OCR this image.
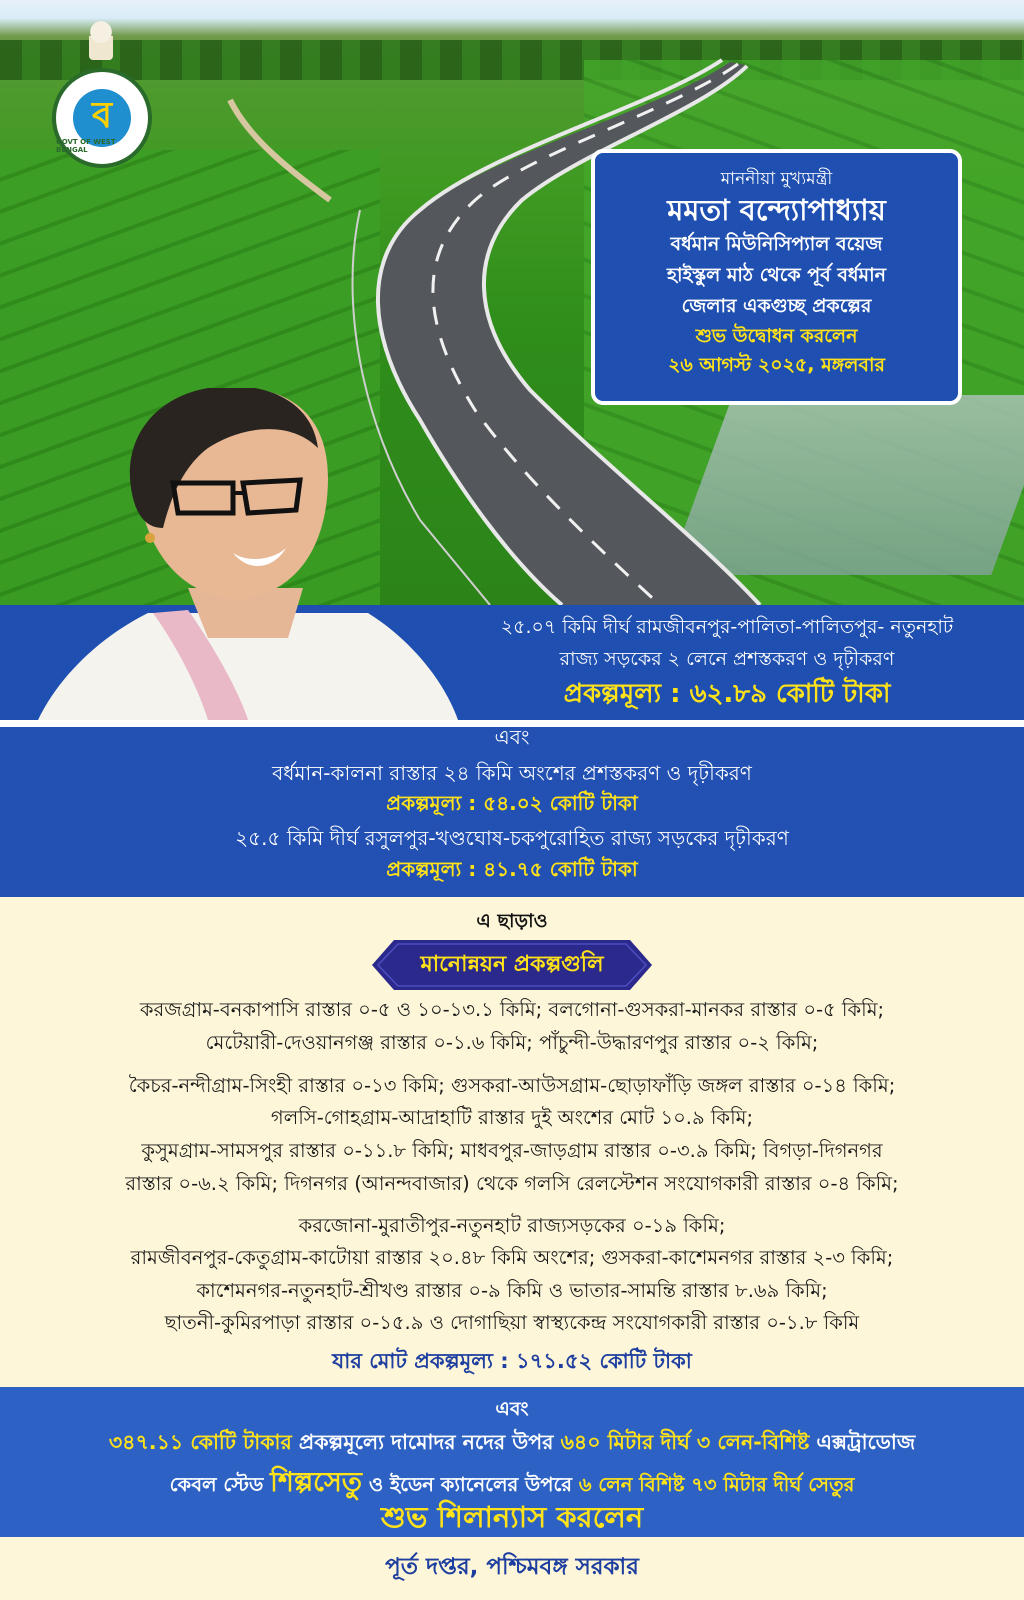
ব
GOVT OF WEST BENGAL
মাননীয়া মুখ্যমন্ত্রী
মমতা বন্দ্যোপাধ্যায়
বর্ধমান মিউনিসিপ্যাল বয়েজ
হাইস্কুল মাঠ থেকে পূর্ব বর্ধমান
জেলার একগুচ্ছ প্রকল্পের
শুভ উদ্বোধন করলেন
২৬ আগস্ট ২০২৫, মঙ্গলবার
২৫.০৭ কিমি দীর্ঘ রামজীবনপুর-পালিতা-পালিতপুর- নতুনহাট
রাজ্য সড়কের ২ লেনে প্রশস্তকরণ ও দৃঢ়ীকরণ
প্রকল্পমূল্য : ৬২.৮৯ কোটি টাকা
এবং
বর্ধমান-কালনা রাস্তার ২৪ কিমি অংশের প্রশস্তকরণ ও দৃঢ়ীকরণ
প্রকল্পমূল্য : ৫৪.০২ কোটি টাকা
২৫.৫ কিমি দীর্ঘ রসুলপুর-খণ্ডঘোষ-চকপুরোহিত রাজ্য সড়কের দৃঢ়ীকরণ
প্রকল্পমূল্য : ৪১.৭৫ কোটি টাকা
এ ছাড়াও
মানোন্নয়ন প্রকল্পগুলি
করজগ্রাম-বনকাপাসি রাস্তার ০-৫ ও ১০-১৩.১ কিমি; বলগোনা-গুসকরা-মানকর রাস্তার ০-৫ কিমি;
মেটেয়ারী-দেওয়ানগঞ্জ রাস্তার ০-১.৬ কিমি; পাঁচুন্দী-উদ্ধারণপুর রাস্তার ০-২ কিমি;
কৈচর-নন্দীগ্রাম-সিংহী রাস্তার ০-১৩ কিমি; গুসকরা-আউসগ্রাম-ছোড়াফাঁড়ি জঙ্গল রাস্তার ০-১৪ কিমি;
গলসি-গোহগ্রাম-আদ্রাহাটি রাস্তার দুই অংশের মোট ১০.৯ কিমি;
কুসুমগ্রাম-সামসপুর রাস্তার ০-১১.৮ কিমি; মাধবপুর-জাড়গ্রাম রাস্তার ০-৩.৯ কিমি; বিগড়া-দিগনগর
রাস্তার ০-৬.২ কিমি; দিগনগর (আনন্দবাজার) থেকে গলসি রেলস্টেশন সংযোগকারী রাস্তার ০-৪ কিমি;
করজোনা-মুরাতীপুর-নতুনহাট রাজ্যসড়কের ০-১৯ কিমি;
রামজীবনপুর-কেতুগ্রাম-কাটোয়া রাস্তার ২০.৪৮ কিমি অংশের; গুসকরা-কাশেমনগর রাস্তার ২-৩ কিমি;
কাশেমনগর-নতুনহাট-শ্রীখণ্ড রাস্তার ০-৯ কিমি ও ভাতার-সামন্তি রাস্তার ৮.৬৯ কিমি;
ছাতনী-কুমিরপাড়া রাস্তার ০-১৫.৯ ও দোগাছিয়া স্বাস্থ্যকেন্দ্র সংযোগকারী রাস্তার ০-১.৮ কিমি
যার মোট প্রকল্পমূল্য : ১৭১.৫২ কোটি টাকা
এবং
৩৪৭.১১ কোটি টাকার প্রকল্পমূল্যে দামোদর নদের উপর ৬৪০ মিটার দীর্ঘ ৩ লেন-বিশিষ্ট এক্সট্রাডোজ
কেবল স্টেড শিল্পসেতু ও ইডেন ক্যানেলের উপরে ৬ লেন বিশিষ্ট ৭৩ মিটার দীর্ঘ সেতুর
শুভ শিলান্যাস করলেন
পূর্ত দপ্তর, পশ্চিমবঙ্গ সরকার
